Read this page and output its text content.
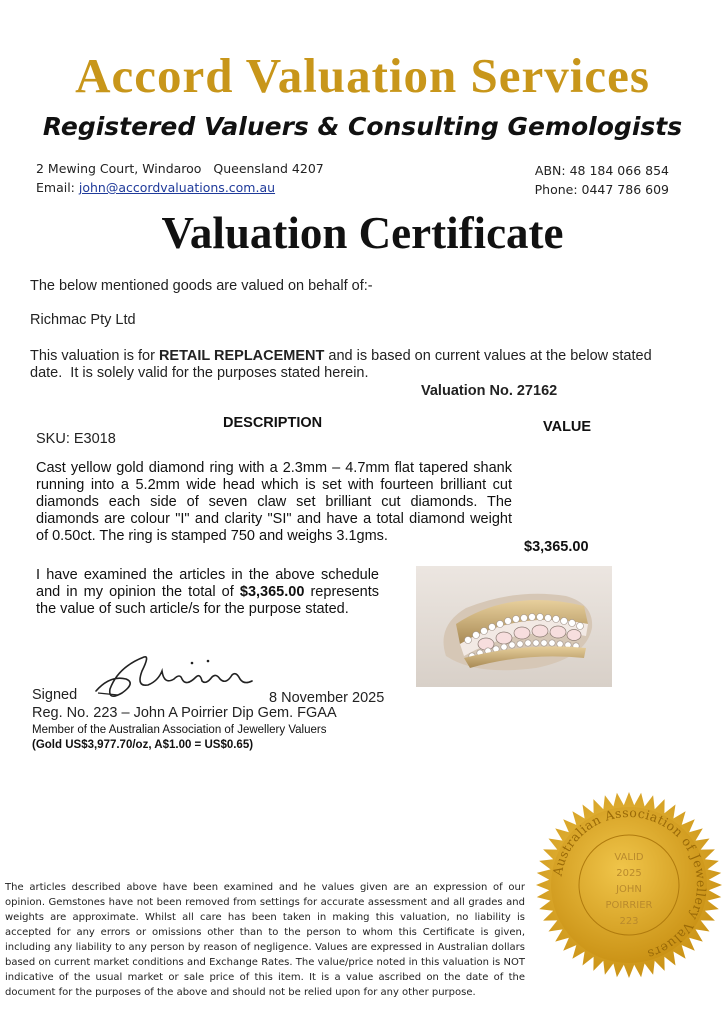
Accord Valuation Services
Registered Valuers & Consulting Gemologists
2 Mewing Court, Windaroo   Queensland 4207
Email: john@accordvaluations.com.au
ABN: 48 184 066 854
Phone: 0447 786 609
Valuation Certificate
The below mentioned goods are valued on behalf of:-
Richmac Pty Ltd
This valuation is for RETAIL REPLACEMENT and is based on current values at the below stated
date.  It is solely valid for the purposes stated herein.
Valuation No. 27162
DESCRIPTION	VALUE
SKU: E3018
Cast yellow gold diamond ring with a 2.3mm – 4.7mm flat tapered shank running into a 5.2mm wide head which is set with fourteen brilliant cut diamonds each side of seven claw set brilliant cut diamonds. The diamonds are colour "I" and clarity "SI" and have a total diamond weight of 0.50ct. The ring is stamped 750 and weighs 3.1gms.
$3,365.00
I have examined the articles in the above schedule and in my opinion the total of $3,365.00 represents the value of such article/s for the purpose stated.
Signed	8 November 2025
Reg. No. 223 – John A Poirrier Dip Gem. FGAA
Member of the Australian Association of Jewellery Valuers
(Gold US$3,977.70/oz, A$1.00 = US$0.65)
The articles described above have been examined and he values given are an expression of our opinion. Gemstones have not been removed from settings for accurate assessment and all grades and weights are approximate. Whilst all care has been taken in making this valuation, no liability is accepted for any errors or omissions other than to the person to whom this Certificate is given, including any liability to any person by reason of negligence. Values are expressed in Australian dollars based on current market conditions and Exchange Rates. The value/price noted in this valuation is NOT indicative of the usual market or sale price of this item. It is a value ascribed on the date of the document for the purposes of the above and should not be relied upon for any other purpose.
Australian Association of Jewellery Valuers
VALID
2025
JOHN
POIRRIER
223
